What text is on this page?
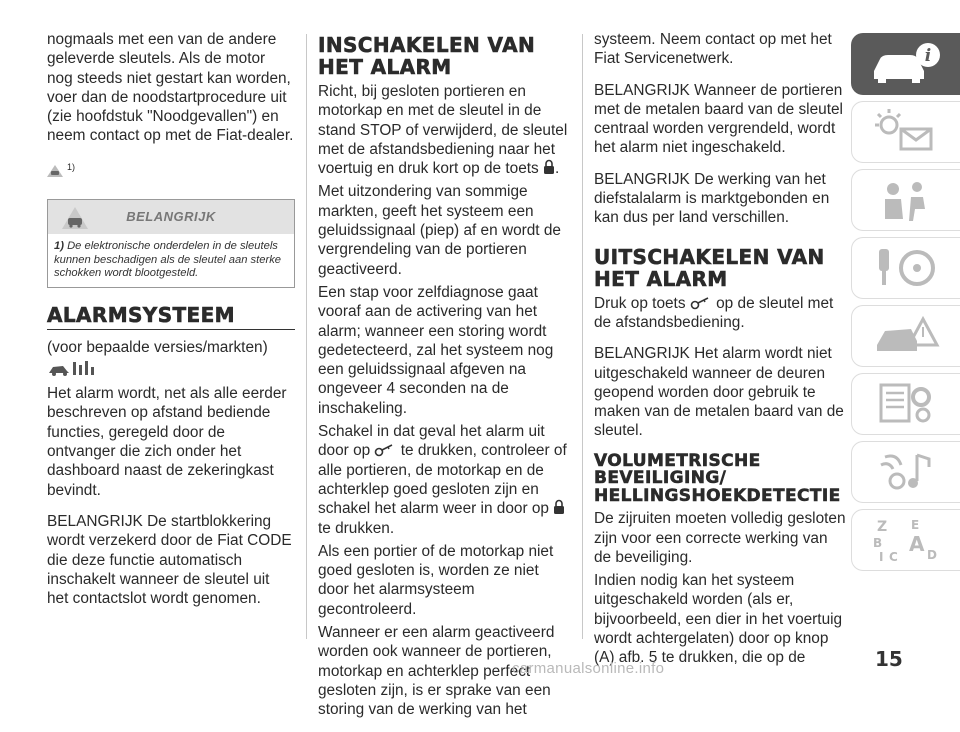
nogmaals met een van de andere geleverde sleutels. Als de motor nog steeds niet gestart kan worden, voer dan de noodstartprocedure uit (zie hoofdstuk "Noodgevallen") en neem contact op met de Fiat-dealer.

1)
BELANGRIJK
1) De elektronische onderdelen in de sleutels kunnen beschadigen als de sleutel aan sterke schokken wordt blootgesteld.
ALARMSYSTEEM

(voor bepaalde versies/markten)

Het alarm wordt, net als alle eerder beschreven op afstand bediende functies, geregeld door de ontvanger die zich onder het dashboard naast de zekeringkast bevindt.

BELANGRIJK De startblokkering wordt verzekerd door de Fiat CODE die deze functie automatisch inschakelt wanneer de sleutel uit het contactslot wordt genomen.

INSCHAKELEN VAN HET ALARM

Richt, bij gesloten portieren en motorkap en met de sleutel in de stand STOP of verwijderd, de sleutel met de afstandsbediening naar het voertuig en druk kort op de toets .

Met uitzondering van sommige markten, geeft het systeem een geluidssignaal (piep) af en wordt de vergrendeling van de portieren geactiveerd.

Een stap voor zelfdiagnose gaat vooraf aan de activering van het alarm; wanneer een storing wordt gedetecteerd, zal het systeem nog een geluidssignaal afgeven na ongeveer 4 seconden na de inschakeling.

Schakel in dat geval het alarm uit door op te drukken, controleer of alle portieren, de motorkap en de achterklep goed gesloten zijn en schakel het alarm weer in door op  te drukken.

Als een portier of de motorkap niet goed gesloten is, worden ze niet door het alarmsysteem gecontroleerd.

Wanneer er een alarm geactiveerd worden ook wanneer de portieren, motorkap en achterklep perfect gesloten zijn, is er sprake van een storing van de werking van het

systeem. Neem contact op met het Fiat Servicenetwerk.

BELANGRIJK Wanneer de portieren met de metalen baard van de sleutel centraal worden vergrendeld, wordt het alarm niet ingeschakeld.

BELANGRIJK De werking van het diefstalalarm is marktgebonden en kan dus per land verschillen.

UITSCHAKELEN VAN HET ALARM

Druk op toets op de sleutel met de afstandsbediening.

BELANGRIJK Het alarm wordt niet uitgeschakeld wanneer de deuren geopend worden door gebruik te maken van de metalen baard van de sleutel.

VOLUMETRISCHE BEVEILIGING/ HELLINGSHOEKDETECTIE

De zijruiten moeten volledig gesloten zijn voor een correcte werking van de beveiliging.

Indien nodig kan het systeem uitgeschakeld worden (als er, bijvoorbeeld, een dier in het voertuig wordt achtergelaten) door op knop (A) afb. 5 te drukken, die op de

i
Z E
B A
C
I	D
15
carmanualsonline.info
